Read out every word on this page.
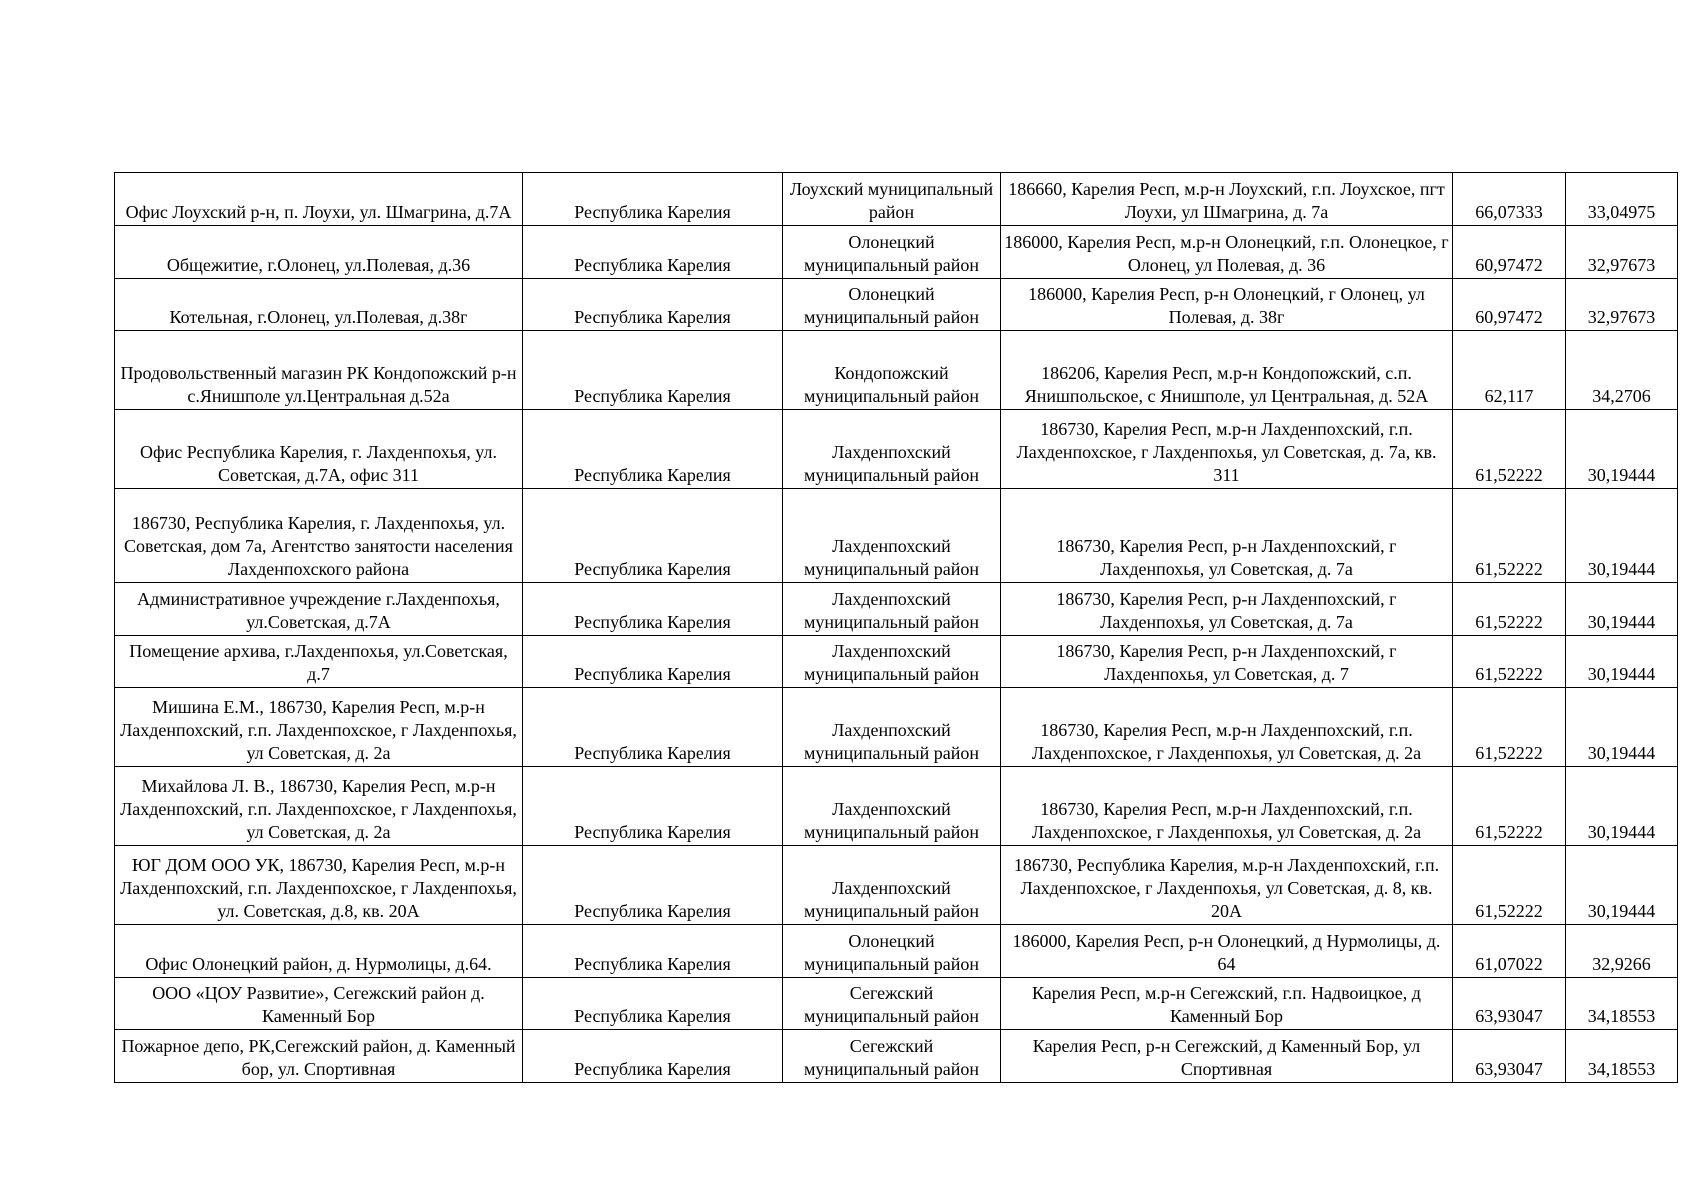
Офис Лоухский р-н, п. Лоухи, ул. Шмагрина, д.7А	Республика Карелия	Лоухский муниципальный район	186660, Карелия Респ, м.р-н Лоухский, г.п. Лоухское, пгт Лоухи, ул Шмагрина, д. 7а	66,07333	33,04975
Общежитие, г.Олонец, ул.Полевая, д.36	Республика Карелия	Олонецкий муниципальный район	186000, Карелия Респ, м.р-н Олонецкий, г.п. Олонецкое, г Олонец, ул Полевая, д. 36	60,97472	32,97673
Котельная, г.Олонец, ул.Полевая, д.38г	Республика Карелия	Олонецкий муниципальный район	186000, Карелия Респ, р-н Олонецкий, г Олонец, ул Полевая, д. 38г	60,97472	32,97673
Продовольственный магазин РК Кондопожский р-н с.Янишполе ул.Центральная д.52а	Республика Карелия	Кондопожский муниципальный район	186206, Карелия Респ, м.р-н Кондопожский, с.п. Янишпольское, с Янишполе, ул Центральная, д. 52А	62,117	34,2706
Офис Республика Карелия, г. Лахденпохья, ул. Советская, д.7А, офис 311	Республика Карелия	Лахденпохский муниципальный район	186730, Карелия Респ, м.р-н Лахденпохский, г.п. Лахденпохское, г Лахденпохья, ул Советская, д. 7а, кв. 311	61,52222	30,19444
186730, Республика Карелия, г. Лахденпохья, ул. Советская, дом 7а, Агентство занятости населения Лахденпохского района	Республика Карелия	Лахденпохский муниципальный район	186730, Карелия Респ, р-н Лахденпохский, г Лахденпохья, ул Советская, д. 7а	61,52222	30,19444
Административное учреждение г.Лахденпохья, ул.Советская, д.7А	Республика Карелия	Лахденпохский муниципальный район	186730, Карелия Респ, р-н Лахденпохский, г Лахденпохья, ул Советская, д. 7а	61,52222	30,19444
Помещение архива, г.Лахденпохья, ул.Советская, д.7	Республика Карелия	Лахденпохский муниципальный район	186730, Карелия Респ, р-н Лахденпохский, г Лахденпохья, ул Советская, д. 7	61,52222	30,19444
Мишина Е.М., 186730, Карелия Респ, м.р-н Лахденпохский, г.п. Лахденпохское, г Лахденпохья, ул Советская, д. 2а	Республика Карелия	Лахденпохский муниципальный район	186730, Карелия Респ, м.р-н Лахденпохский, г.п. Лахденпохское, г Лахденпохья, ул Советская, д. 2а	61,52222	30,19444
Михайлова Л. В., 186730, Карелия Респ, м.р-н Лахденпохский, г.п. Лахденпохское, г Лахденпохья, ул Советская, д. 2а	Республика Карелия	Лахденпохский муниципальный район	186730, Карелия Респ, м.р-н Лахденпохский, г.п. Лахденпохское, г Лахденпохья, ул Советская, д. 2а	61,52222	30,19444
ЮГ ДОМ ООО УК, 186730, Карелия Респ, м.р-н Лахденпохский, г.п. Лахденпохское, г Лахденпохья, ул. Советская, д.8, кв. 20А	Республика Карелия	Лахденпохский муниципальный район	186730, Республика Карелия, м.р-н Лахденпохский, г.п. Лахденпохское, г Лахденпохья, ул Советская, д. 8, кв. 20А	61,52222	30,19444
Офис Олонецкий район, д. Нурмолицы, д.64.	Республика Карелия	Олонецкий муниципальный район	186000, Карелия Респ, р-н Олонецкий, д Нурмолицы, д. 64	61,07022	32,9266
ООО «ЦОУ Развитие», Сегежский район д. Каменный Бор	Республика Карелия	Сегежский муниципальный район	Карелия Респ, м.р-н Сегежский, г.п. Надвоицкое, д Каменный Бор	63,93047	34,18553
Пожарное депо, РК,Сегежский район, д. Каменный бор, ул. Спортивная	Республика Карелия	Сегежский муниципальный район	Карелия Респ, р-н Сегежский, д Каменный Бор, ул Спортивная	63,93047	34,18553
